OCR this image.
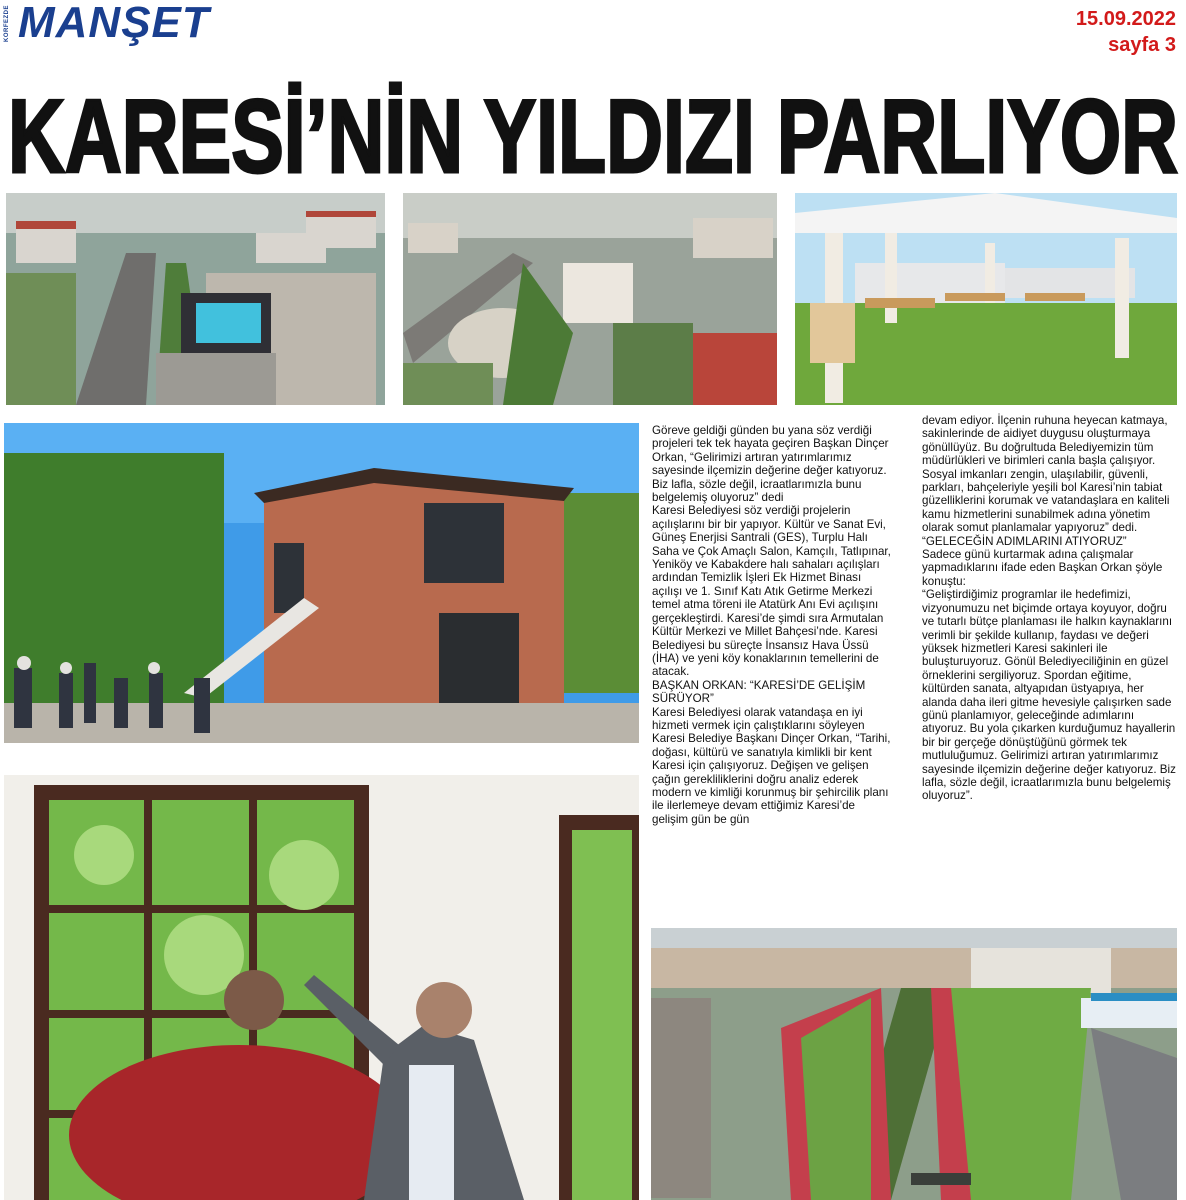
KÖRFEZDE MANŞET	15.09.2022
sayfa 3
KARESİ’NİN YILDIZI PARLIYOR

Göreve geldiği günden bu yana söz verdiği projeleri tek tek hayata geçiren Başkan Dinçer Orkan, “Gelirimizi artıran yatırımlarımız sayesinde ilçemizin değerine değer katıyoruz. Biz lafla, sözle değil, icraatlarımızla bunu belgelemiş oluyoruz” dedi

Karesi Belediyesi söz verdiği projelerin açılışlarını bir bir yapıyor. Kültür ve Sanat Evi, Güneş Enerjisi Santrali (GES), Turplu Halı Saha ve Çok Amaçlı Salon, Kamçılı, Tatlıpınar, Yeniköy ve Kabakdere halı sahaları açılışları ardından Temizlik İşleri Ek Hizmet Binası açılışı ve 1. Sınıf Katı Atık Getirme Merkezi temel atma töreni ile Atatürk Anı Evi açılışını gerçekleştirdi. Karesi’de şimdi sıra Armutalan Kültür Merkezi ve Millet Bahçesi’nde. Karesi Belediyesi bu süreçte İnsansız Hava Üssü (İHA) ve yeni köy konaklarının temellerini de atacak.

BAŞKAN ORKAN: “KARESİ’DE GELİŞİM SÜRÜYOR”

Karesi Belediyesi olarak vatandaşa en iyi hizmeti vermek için çalıştıklarını söyleyen Karesi Belediye Başkanı Dinçer Orkan, “Tarihi, doğası, kültürü ve sanatıyla kimlikli bir kent Karesi için çalışıyoruz. Değişen ve gelişen çağın gerekliliklerini doğru analiz ederek modern ve kimliği korunmuş bir şehircilik planı ile ilerlemeye devam ettiğimiz Karesi’de gelişim gün be gün

devam ediyor. İlçenin ruhuna heyecan katmaya, sakinlerinde de aidiyet duygusu oluşturmaya gönüllüyüz. Bu doğrultuda Belediyemizin tüm müdürlükleri ve birimleri canla başla çalışıyor. Sosyal imkanları zengin, ulaşılabilir, güvenli, parkları, bahçeleriyle yeşili bol Karesi’nin tabiat güzelliklerini korumak ve vatandaşlara en kaliteli kamu hizmetlerini sunabilmek adına yönetim olarak somut planlamalar yapıyoruz” dedi.

“GELECEĞİN ADIMLARINI ATIYORUZ”

Sadece günü kurtarmak adına çalışmalar yapmadıklarını ifade eden Başkan Orkan şöyle konuştu:

“Geliştirdiğimiz programlar ile hedefimizi, vizyonumuzu net biçimde ortaya koyuyor, doğru ve tutarlı bütçe planlaması ile halkın kaynaklarını verimli bir şekilde kullanıp, faydası ve değeri yüksek hizmetleri Karesi sakinleri ile buluşturuyoruz. Gönül Belediyeciliğinin en güzel örneklerini sergiliyoruz. Spordan eğitime, kültürden sanata, altyapıdan üstyapıya, her alanda daha ileri gitme hevesiyle çalışırken sade günü planlamıyor, geleceğinde adımlarını atıyoruz. Bu yola çıkarken kurduğumuz hayallerin bir bir gerçeğe dönüştüğünü görmek tek mutluluğumuz. Gelirimizi artıran yatırımlarımız sayesinde ilçemizin değerine değer katıyoruz. Biz lafla, sözle değil, icraatlarımızla bunu belgelemiş oluyoruz”.
